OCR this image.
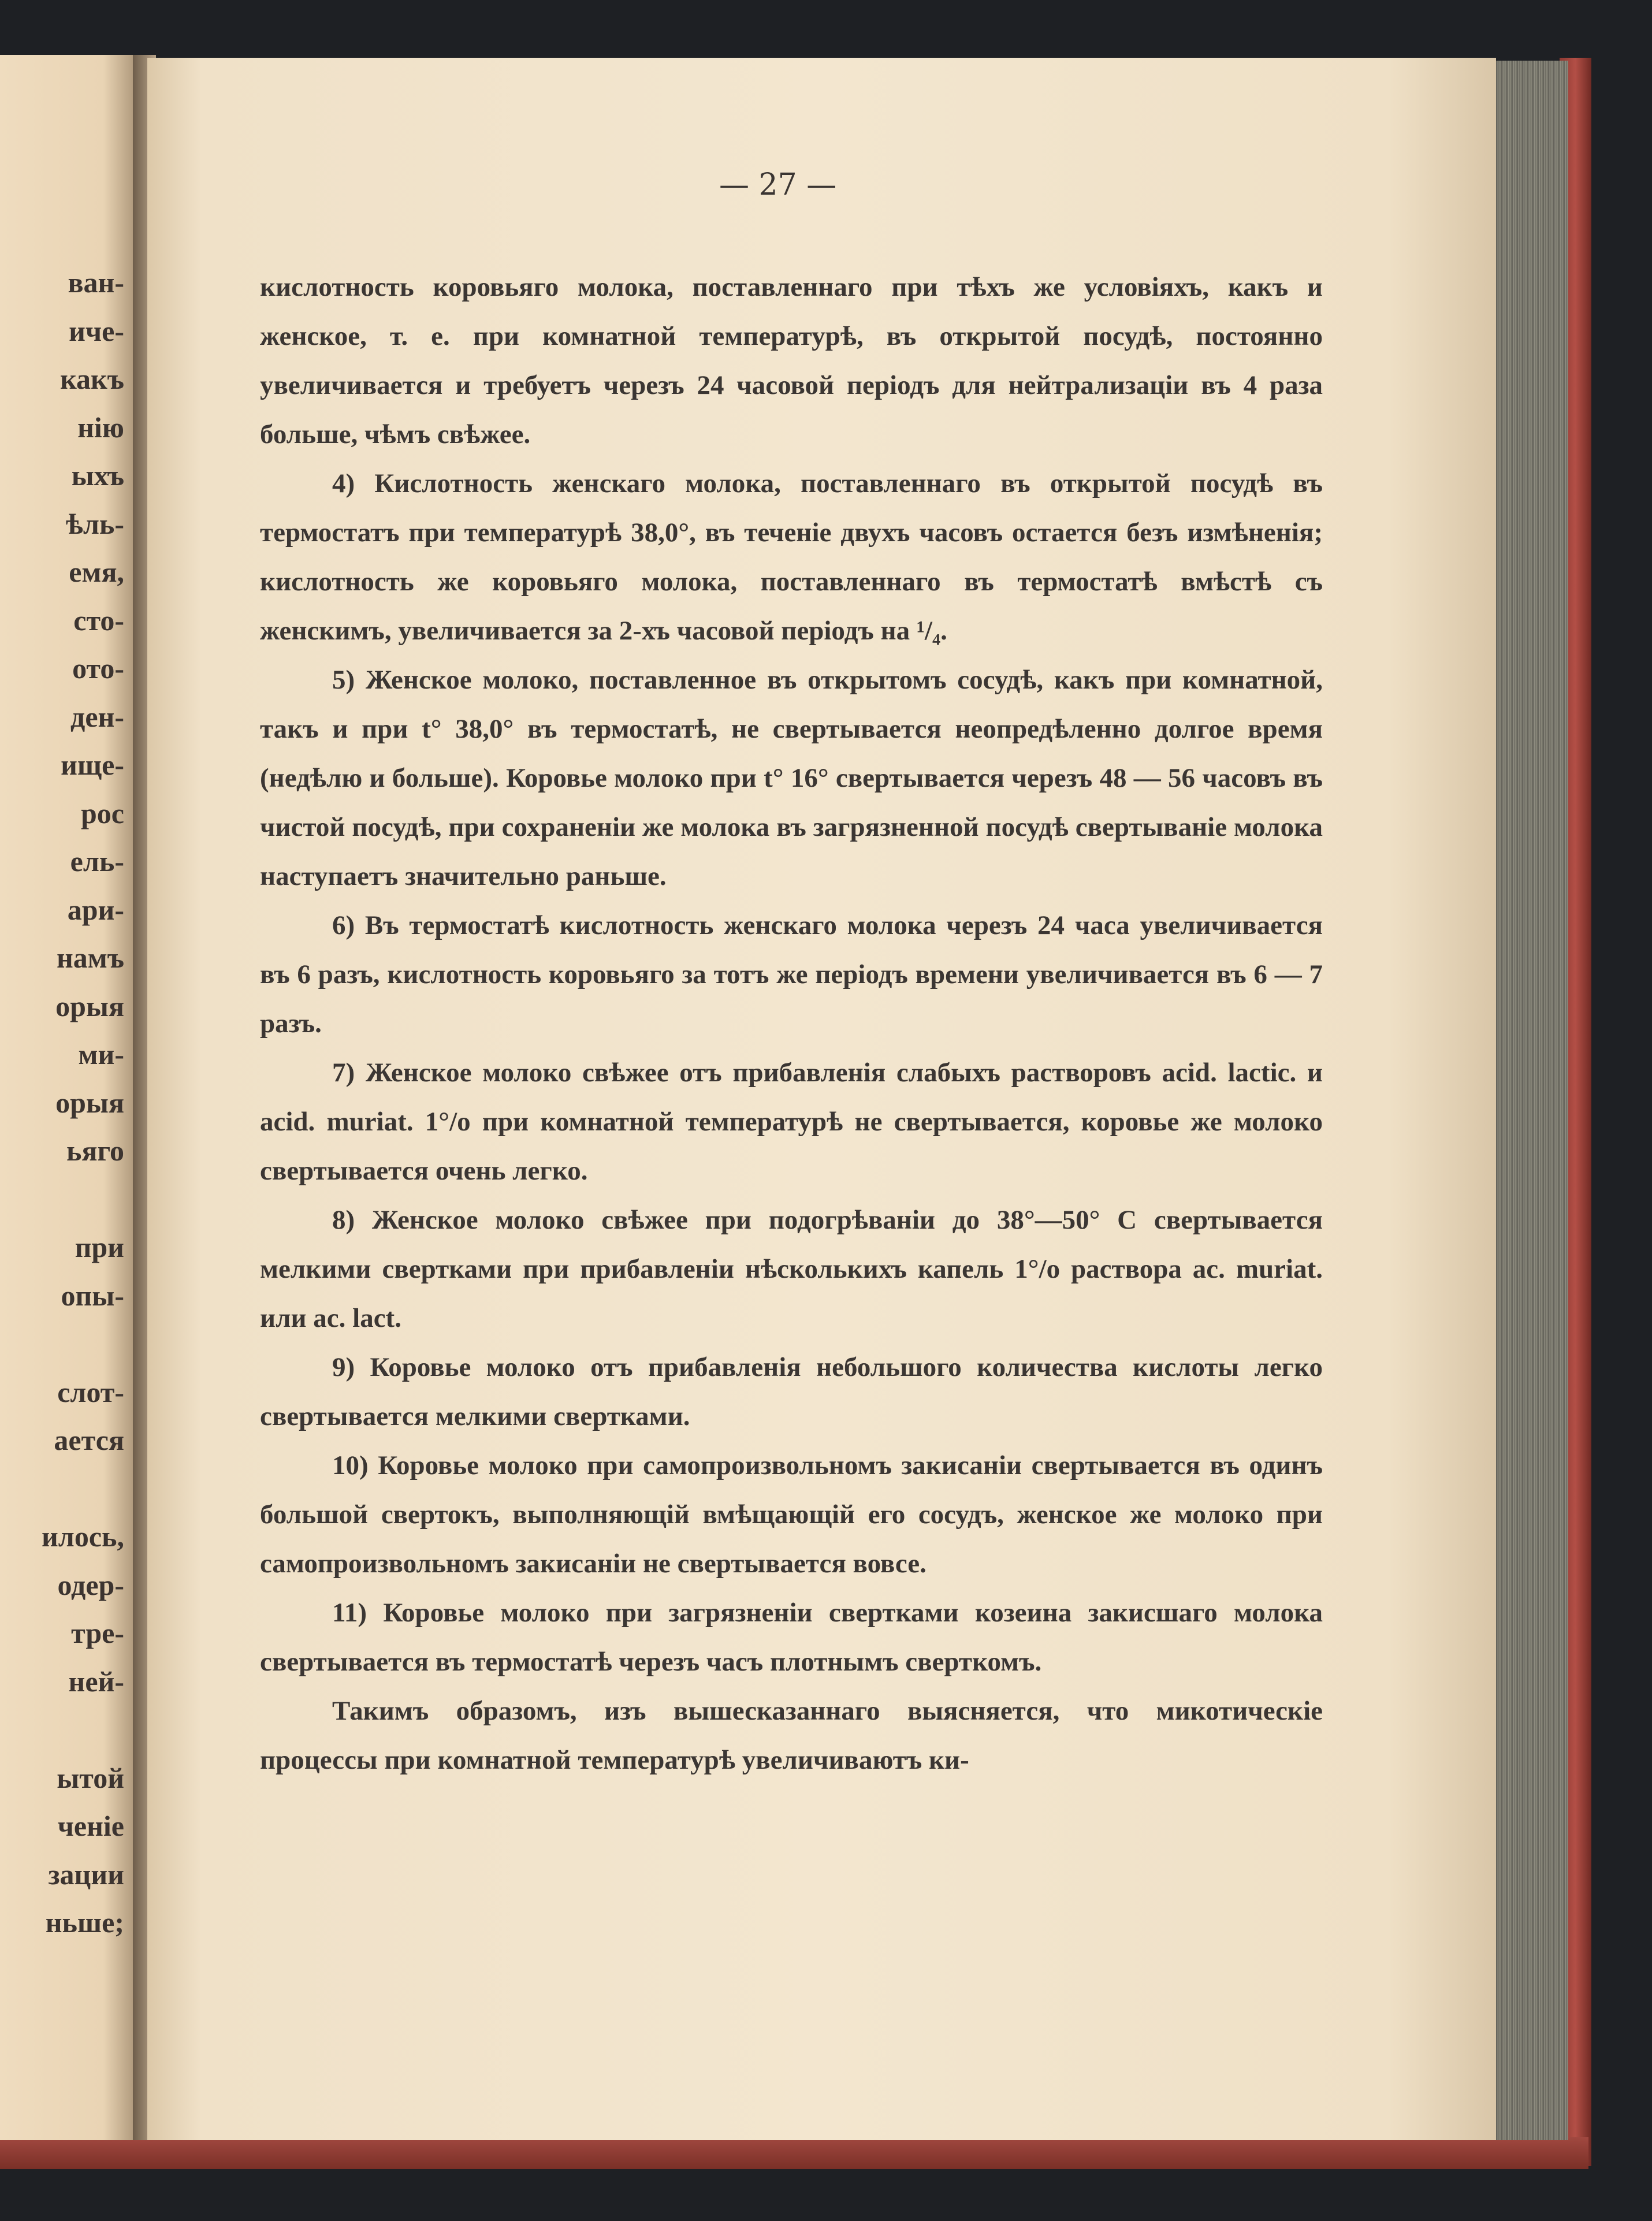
ван-
иче-
какъ
нію
ыхъ
ѣль-
емя,
сто-
ото-
ден-
ище-
рос
ель-
ари-
намъ
орыя
ми-
орыя
ьяго
при
опы-
слот-
ается
илось,
одер-
тре-
ней-
ытой
ченіе
зации
ньше;
— 27 —

кислотность коровьяго молока, поставленнаго при тѣхъ же условіяхъ, какъ и женское, т. е. при комнатной температурѣ, въ открытой посудѣ, постоянно увеличивается и требуетъ черезъ 24 часовой періодъ для нейтрализаціи въ 4 раза больше, чѣмъ свѣжее.

4) Кислотность женскаго молока, поставленнаго въ открытой посудѣ въ термостатъ при температурѣ 38,0°, въ теченіе двухъ часовъ остается безъ измѣненія; кислотность же коровьяго молока, поставленнаго въ термостатѣ вмѣстѣ съ женскимъ, увеличивается за 2-хъ часовой періодъ на ¹/₄.

5) Женское молоко, поставленное въ открытомъ сосудѣ, какъ при комнатной, такъ и при t° 38,0° въ термостатѣ, не свертывается неопредѣленно долгое время (недѣлю и больше). Коровье молоко при t° 16° свертывается черезъ 48 — 56 часовъ въ чистой посудѣ, при сохраненіи же молока въ загрязненной посудѣ свертываніе молока наступаетъ значительно раньше.

6) Въ термостатѣ кислотность женскаго молока черезъ 24 часа увеличивается въ 6 разъ, кислотность коровьяго за тотъ же періодъ времени увеличивается въ 6 — 7 разъ.

7) Женское молоко свѣжее отъ прибавленія слабыхъ растворовъ acid. lactic. и acid. muriat. 1°/o при комнатной температурѣ не свертывается, коровье же молоко свертывается очень легко.

8) Женское молоко свѣжее при подогрѣваніи до 38°—50° С свертывается мелкими свертками при прибавленіи нѣсколькихъ капель 1°/o раствора ac. muriat. или ac. lact.

9) Коровье молоко отъ прибавленія небольшого количества кислоты легко свертывается мелкими свертками.

10) Коровье молоко при самопроизвольномъ закисаніи свертывается въ одинъ большой свертокъ, выполняющій вмѣщающій его сосудъ, женское же молоко при самопроизвольномъ закисаніи не свертывается вовсе.

11) Коровье молоко при загрязненіи свертками козеина закисшаго молока свертывается въ термостатѣ черезъ часъ плотнымъ сверткомъ.

Такимъ образомъ, изъ вышесказаннаго выясняется, что микотическіе процессы при комнатной температурѣ увеличиваютъ ки-
